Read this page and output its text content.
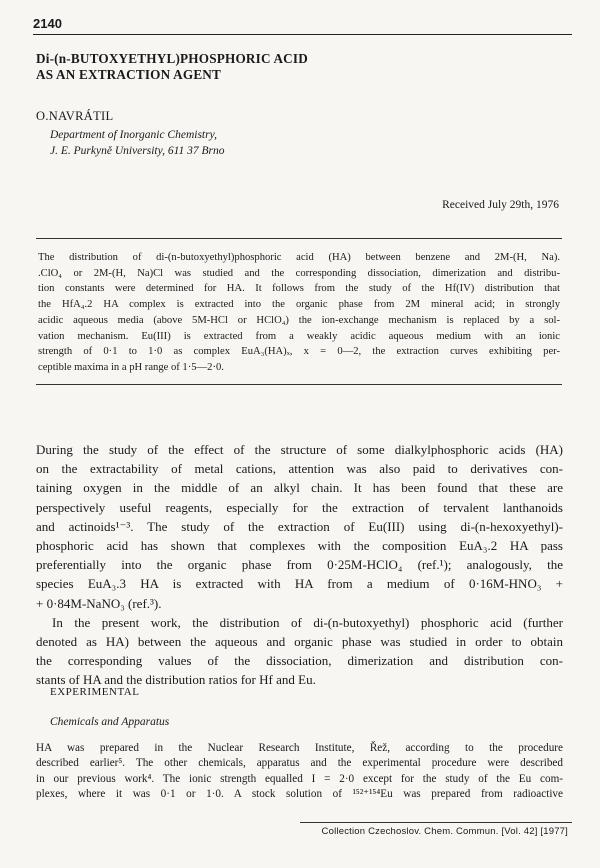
2140
Di-(n-BUTOXYETHYL)PHOSPHORIC ACID
AS AN EXTRACTION AGENT
O.NAVRÁTIL
Department of Inorganic Chemistry,
J. E. Purkyně University, 611 37 Brno
Received July 29th, 1976
The distribution of di-(n-butoxyethyl)phosphoric acid (HA) between benzene and 2M-(H, Na).
.ClO₄ or 2M-(H, Na)Cl was studied and the corresponding dissociation, dimerization and distribu-
tion constants were determined for HA. It follows from the study of the Hf(IV) distribution that
the HfA₄.2 HA complex is extracted into the organic phase from 2M mineral acid; in strongly
acidic aqueous media (above 5M-HCl or HClO₄) the ion-exchange mechanism is replaced by a sol-
vation mechanism. Eu(III) is extracted from a weakly acidic aqueous medium with an ionic
strength of 0·1 to 1·0 as complex EuA₃(HA)ₓ, x = 0—2, the extraction curves exhibiting per-
ceptible maxima in a pH range of 1·5—2·0.
During the study of the effect of the structure of some dialkylphosphoric acids (HA)
on the extractability of metal cations, attention was also paid to derivatives con-
taining oxygen in the middle of an alkyl chain. It has been found that these are
perspectively useful reagents, especially for the extraction of tervalent lanthanoids
and actinoids¹⁻³. The study of the extraction of Eu(III) using di-(n-hexoxyethyl)-
phosphoric acid has shown that complexes with the composition EuA₃.2 HA pass
preferentially into the organic phase from 0·25M-HClO₄ (ref.¹); analogously, the
species EuA₃.3 HA is extracted with HA from a medium of 0·16M-HNO₃ +
+ 0·84M-NaNO₃ (ref.³).
In the present work, the distribution of di-(n-butoxyethyl) phosphoric acid (further
denoted as HA) between the aqueous and organic phase was studied in order to obtain
the corresponding values of the dissociation, dimerization and distribution con-
stants of HA and the distribution ratios for Hf and Eu.
EXPERIMENTAL
Chemicals and Apparatus
HA was prepared in the Nuclear Research Institute, Řež, according to the procedure
described earlier⁵. The other chemicals, apparatus and the experimental procedure were described
in our previous work⁴. The ionic strength equalled I = 2·0 except for the study of the Eu com-
plexes, where it was 0·1 or 1·0. A stock solution of ¹⁵²⁺¹⁵⁴Eu was prepared from radioactive
Collection Czechoslov. Chem. Commun. [Vol. 42] [1977]
